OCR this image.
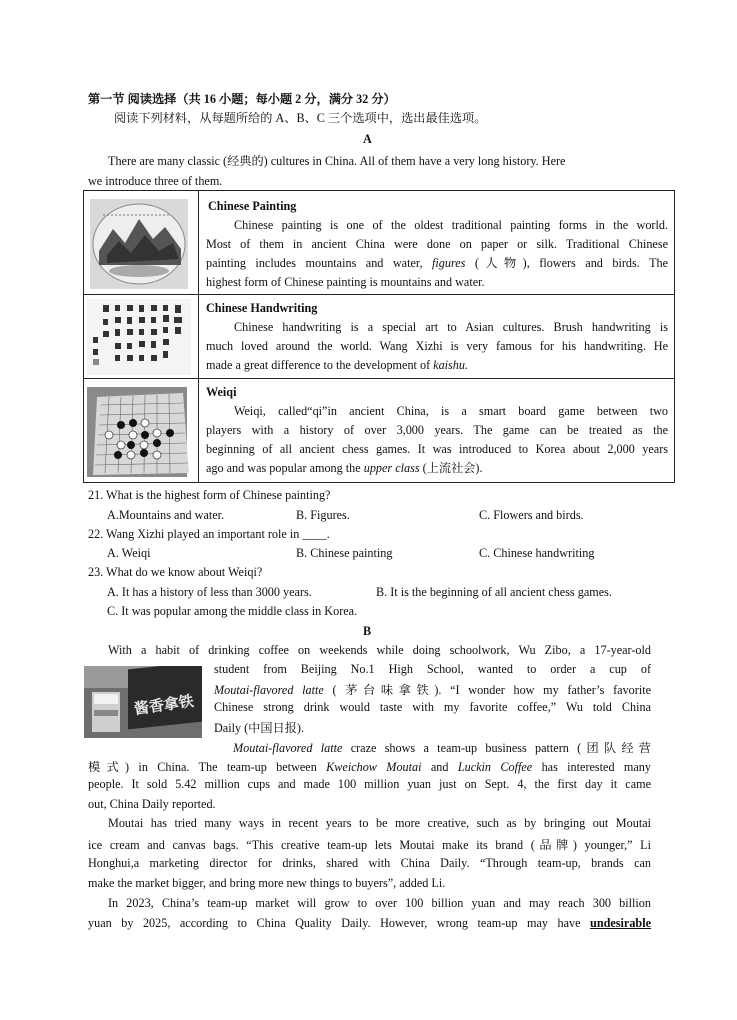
第一节 阅读选择（共 16 小题；每小题 2 分，满分 32 分）
阅读下列材料，从每题所给的 A、B、C 三个选项中，选出最佳选项。
A
There are many classic (经典的) cultures in China. All of them have a very long history. Here
we introduce three of them.

Chinese Painting
Chinese painting is one of the oldest traditional painting forms in the world.
Most of them in ancient China were done on paper or silk. Traditional Chinese
painting includes mountains and water, figures (人物), flowers and birds. The
highest form of Chinese painting is mountains and water.

Chinese Handwriting
Chinese handwriting is a special art to Asian cultures. Brush handwriting is
much loved around the world. Wang Xizhi is very famous for his handwriting. He
made a great difference to the development of kaishu.

Weiqi
Weiqi, called“qi”in ancient China, is a smart board game between two
players with a history of over 3,000 years. The game can be treated as the
beginning of all ancient chess games. It was introduced to Korea about 2,000 years
ago and was popular among the upper class (上流社会).
21. What is the highest form of Chinese painting?
A.Mountains and water.	B. Figures.	C. Flowers and birds.
22. Wang Xizhi played an important role in ____.
A. Weiqi	B. Chinese painting	C. Chinese handwriting
23. What do we know about Weiqi?
A. It has a history of less than 3000 years.	B. It is the beginning of all ancient chess games.
C. It was popular among the middle class in Korea.
B
With a habit of drinking coffee on weekends while doing schoolwork, Wu Zibo, a 17-year-old
酱香拿铁
student from Beijing No.1 High School, wanted to order a cup of
Moutai-flavored latte ( 茅台味拿铁). “I wonder how my father’s favorite
Chinese strong drink would taste with my favorite coffee,” Wu told China
Daily (中国日报).
Moutai-flavored latte craze shows a team-up business pattern (团队经营
模式) in China. The team-up between Kweichow Moutai and Luckin Coffee has interested many
people. It sold 5.42 million cups and made 100 million yuan just on Sept. 4, the first day it came
out, China Daily reported.
Moutai has tried many ways in recent years to be more creative, such as by bringing out Moutai
ice cream and canvas bags. “This creative team-up lets Moutai make its brand (品牌) younger,” Li
Honghui,a marketing director for drinks, shared with China Daily. “Through team-up, brands can
make the market bigger, and bring more new things to buyers”, added Li.
In 2023, China’s team-up market will grow to over 100 billion yuan and may reach 300 billion
yuan by 2025, according to China Quality Daily. However, wrong team-up may have undesirable
